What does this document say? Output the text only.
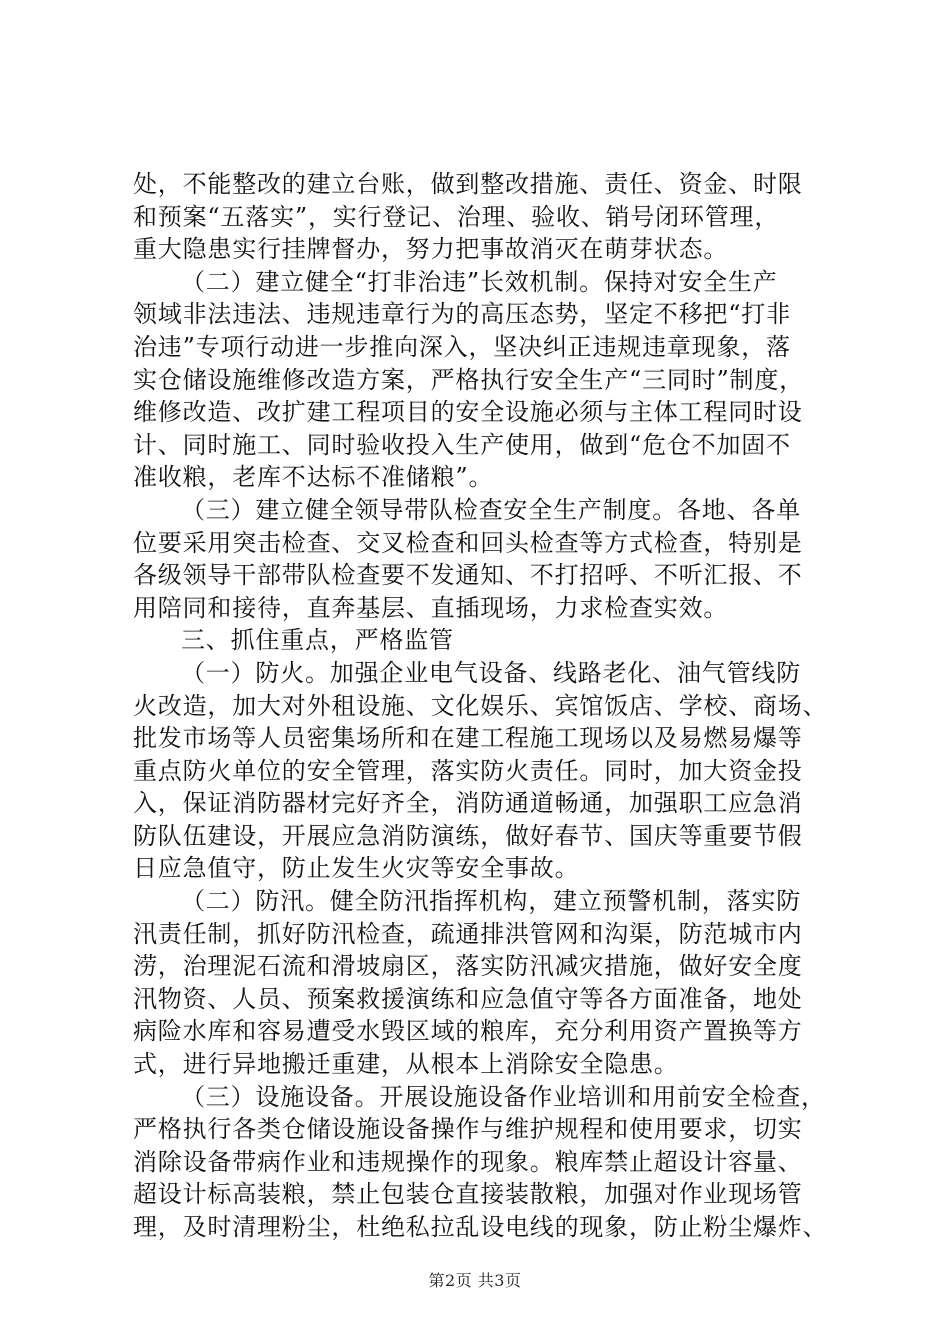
处，不能整改的建立台账，做到整改措施、责任、资金、时限
和预案“五落实”，实行登记、治理、验收、销号闭环管理，
重大隐患实行挂牌督办，努力把事故消灭在萌芽状态。
（二）建立健全“打非治违”长效机制。保持对安全生产
领域非法违法、违规违章行为的高压态势，坚定不移把“打非
治违”专项行动进一步推向深入，坚决纠正违规违章现象，落
实仓储设施维修改造方案，严格执行安全生产“三同时”制度，
维修改造、改扩建工程项目的安全设施必须与主体工程同时设
计、同时施工、同时验收投入生产使用，做到“危仓不加固不
准收粮，老库不达标不准储粮”。
（三）建立健全领导带队检查安全生产制度。各地、各单
位要采用突击检查、交叉检查和回头检查等方式检查，特别是
各级领导干部带队检查要不发通知、不打招呼、不听汇报、不
用陪同和接待，直奔基层、直插现场，力求检查实效。
三、抓住重点，严格监管
（一）防火。加强企业电气设备、线路老化、油气管线防
火改造，加大对外租设施、文化娱乐、宾馆饭店、学校、商场、
批发市场等人员密集场所和在建工程施工现场以及易燃易爆等
重点防火单位的安全管理，落实防火责任。同时，加大资金投
入，保证消防器材完好齐全，消防通道畅通，加强职工应急消
防队伍建设，开展应急消防演练，做好春节、国庆等重要节假
日应急值守，防止发生火灾等安全事故。
（二）防汛。健全防汛指挥机构，建立预警机制，落实防
汛责任制，抓好防汛检查，疏通排洪管网和沟渠，防范城市内
涝，治理泥石流和滑坡扇区，落实防汛减灾措施，做好安全度
汛物资、人员、预案救援演练和应急值守等各方面准备，地处
病险水库和容易遭受水毁区域的粮库，充分利用资产置换等方
式，进行异地搬迁重建，从根本上消除安全隐患。
（三）设施设备。开展设施设备作业培训和用前安全检查，
严格执行各类仓储设施设备操作与维护规程和使用要求，切实
消除设备带病作业和违规操作的现象。粮库禁止超设计容量、
超设计标高装粮，禁止包装仓直接装散粮，加强对作业现场管
理，及时清理粉尘，杜绝私拉乱设电线的现象，防止粉尘爆炸、
第2页 共3页
